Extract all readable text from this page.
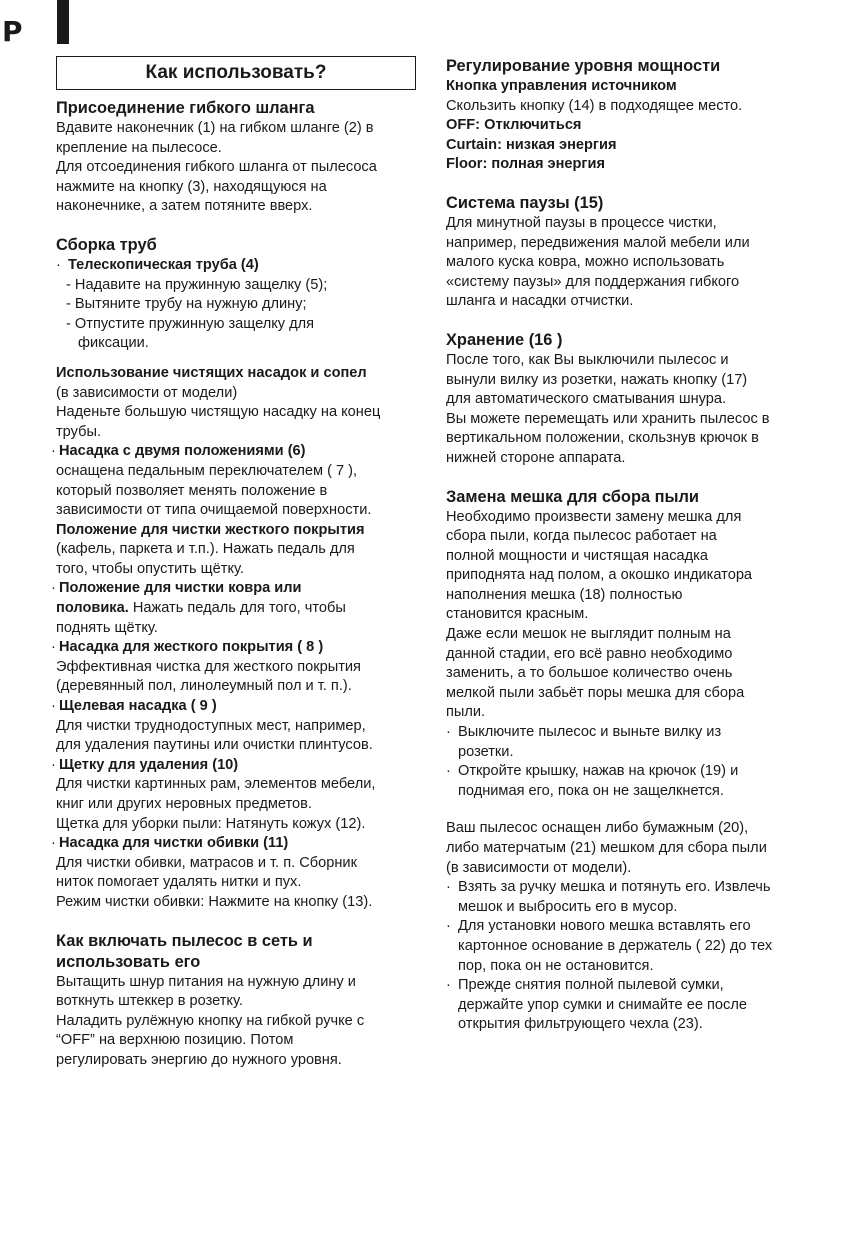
P
Как использовать?
Присоединение гибкого шланга

Вдавите наконечник (1) на гибком шланге (2) в

крепление на пылесосе.

Для отсоединения гибкого шланга от пылесоса

нажмите на кнопку (3), находящуюся на

наконечнике, а затем потяните вверх.

Сборка труб
· Телескопическая труба (4)

- Надавите на пружинную защелку (5);

- Вытяните трубу на нужную длину;

- Отпустите пружинную защелку для

фиксации.

Использование чистящих насадок и сопел

(в зависимости от модели)

Наденьте большую чистящую насадку на конец

трубы.

· Насадка с двумя положениями (6)

оснащена педальным переключателем ( 7 ),

который позволяет менять положение в

зависимости от типа очищаемой поверхности.

Положение для чистки жесткого покрытия

(кафель, паркета и т.п.). Нажать педаль для

того, чтобы опустить щётку.

· Положение для чистки ковра или

половика. Нажать педаль для того, чтобы

поднять щётку.

· Насадка для жесткого покрытия ( 8 )

Эффективная чистка для жесткого покрытия

(деревянный пол, линолеумный пол и т. п.).

· Щелевая насадка ( 9 )

Для чистки труднодоступных мест, например,

для удаления паутины или очистки плинтусов.

· Щетку для удаления (10)

Для чистки картинных рам, элементов мебели,

книг или других неровных предметов.

Щетка для уборки пыли: Натянуть кожух (12).

· Насадка для чистки обивки (11)

Для чистки обивки, матрасов и т. п. Сборник

ниток помогает удалять нитки и пух.

Режим чистки обивки: Нажмите на кнопку (13).

Как включать пылесос в сеть и
использовать его

Вытащить шнур питания на нужную длину и

воткнуть штеккер в розетку.

Наладить рулёжную кнопку на гибкой ручке с

“OFF” на верхнюю позицию. Потом

регулировать энергию до нужного уровня.

Регулирование уровня мощности

Кнопка управления источником

Скользить кнопку (14) в подходящее место.

OFF: Отключиться

Curtain: низкая энергия

Floor: полная энергия

Система паузы (15)

Для минутной паузы в процессе чистки,

например, передвижения малой мебели или

малого куска ковра, можно использовать

«систему паузы» для поддержания гибкого

шланга и насадки отчистки.

Хранение (16 )

После того, как Вы выключили пылесос и

вынули вилку из розетки, нажать кнопку (17)

для автоматического сматывания шнура.

Вы можете перемещать или хранить пылесос в

вертикальном положении, скользнув крючок в

нижней стороне аппарата.

Замена мешка для сбора пыли

Необходимо произвести замену мешка для

сбора пыли, когда пылесос работает на

полной мощности и чистящая насадка

приподнята над полом, а окошко индикатора

наполнения мешка (18) полностью

становится красным.

Даже если мешок не выглядит полным на

данной стадии, его всё равно необходимо

заменить, а то большое количество очень

мелкой пыли забьёт поры мешка для сбора

пыли.

· Выключите пылесос и выньте вилку из

розетки.

· Откройте крышку, нажав на крючок (19) и

поднимая его, пока он не защелкнется.

Ваш пылесос оснащен либо бумажным (20),

либо матерчатым (21) мешком для сбора пыли

(в зависимости от модели).

· Взять за ручку мешка и потянуть его. Извлечь

мешок и выбросить его в мусор.

· Для установки нового мешка вставлять его

картонное основание в держатель ( 22) до тех

пор, пока он не остановится.

· Прежде снятия полной пылевой сумки,

держайте упор сумки и снимайте ее после

открытия фильтрующего чехла (23).
